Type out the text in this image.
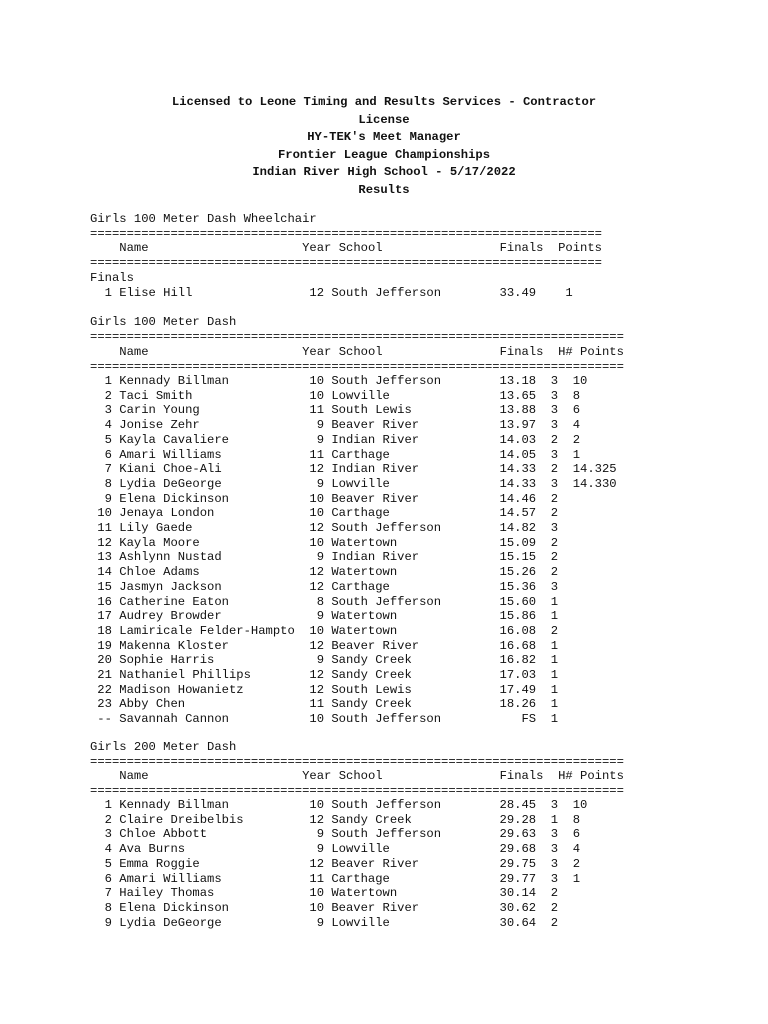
Licensed to Leone Timing and Results Services - Contractor
License
HY-TEK's Meet Manager
Frontier League Championships
Indian River High School - 5/17/2022
Results
Girls 100 Meter Dash Wheelchair
======================================================================
Name	Year School	Finals Points
======================================================================
Finals
1 Elise Hill	12 South Jefferson	33.49 1
Girls 100 Meter Dash
=========================================================================
Name	Year School	Finals H# Points
=========================================================================
1 Kennady Billman	10 South Jefferson	13.18 3 10
2 Taci Smith	10 Lowville	13.65 3 8
3 Carin Young	11 South Lewis	13.88 3 6
4 Jonise Zehr	9 Beaver River	13.97 3 4
5 Kayla Cavaliere	9 Indian River	14.03 2 2
6 Amari Williams	11 Carthage	14.05 3 1
7 Kiani Choe-Ali	12 Indian River	14.33 2 14.325
8 Lydia DeGeorge	9 Lowville	14.33 3 14.330
9 Elena Dickinson	10 Beaver River	14.46 2
10 Jenaya London	10 Carthage	14.57 2
11 Lily Gaede	12 South Jefferson	14.82 3
12 Kayla Moore	10 Watertown	15.09 2
13 Ashlynn Nustad	9 Indian River	15.15 2
14 Chloe Adams	12 Watertown	15.26 2
15 Jasmyn Jackson	12 Carthage	15.36 3
16 Catherine Eaton	8 South Jefferson	15.60 1
17 Audrey Browder	9 Watertown	15.86 1
18 Lamiricale Felder-Hampto 10 Watertown	16.08 2
19 Makenna Kloster	12 Beaver River	16.68 1
20 Sophie Harris	9 Sandy Creek	16.82 1
21 Nathaniel Phillips	12 Sandy Creek	17.03 1
22 Madison Howanietz	12 South Lewis	17.49 1
23 Abby Chen	11 Sandy Creek	18.26 1
-- Savannah Cannon	10 South Jefferson	FS 1
Girls 200 Meter Dash
=========================================================================
Name	Year School	Finals H# Points
=========================================================================
1 Kennady Billman	10 South Jefferson	28.45 3 10
2 Claire Dreibelbis	12 Sandy Creek	29.28 1 8
3 Chloe Abbott	9 South Jefferson	29.63 3 6
4 Ava Burns	9 Lowville	29.68 3 4
5 Emma Roggie	12 Beaver River	29.75 3 2
6 Amari Williams	11 Carthage	29.77 3 1
7 Hailey Thomas	10 Watertown	30.14 2
8 Elena Dickinson	10 Beaver River	30.62 2
9 Lydia DeGeorge	9 Lowville	30.64 2
